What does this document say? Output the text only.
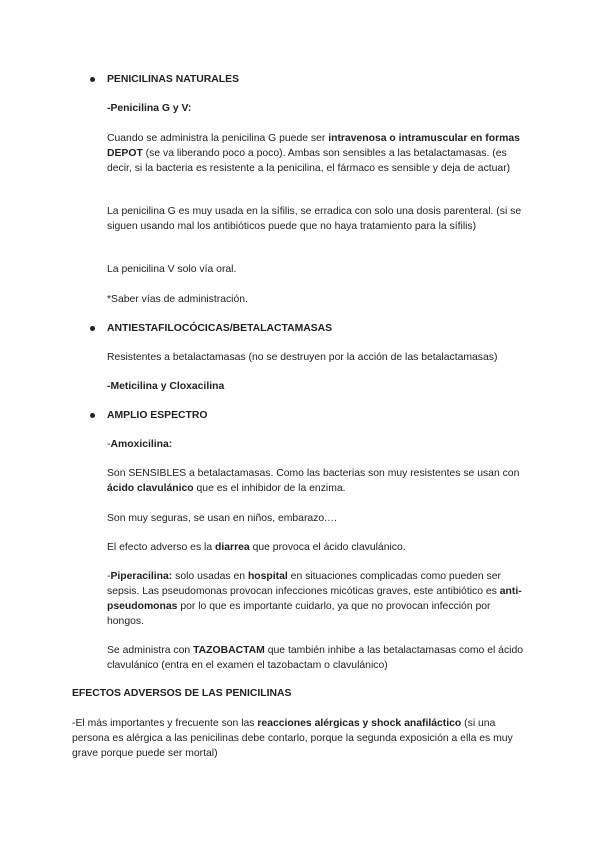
PENICILINAS NATURALES

-Penicilina G y V:

Cuando se administra la penicilina G puede ser intravenosa o intramuscular en formas DEPOT (se va liberando poco a poco). Ambas son sensibles a las betalactamasas. (es decir, si la bacteria es resistente a la penicilina, el fármaco es sensible y deja de actuar)

La penicilina G es muy usada en la sífilis, se erradica con solo una dosis parenteral. (si se siguen usando mal los antibióticos puede que no haya tratamiento para la sífilis)

La penicilina V solo vía oral.

*Saber vías de administración.

ANTIESTAFILOCÓCICAS/BETALACTAMASAS

Resistentes a betalactamasas (no se destruyen por la acción de las betalactamasas)

-Meticilina y Cloxacilina

AMPLIO ESPECTRO

-Amoxicilina:

Son SENSIBLES a betalactamasas. Como las bacterias son muy resistentes se usan con ácido clavulánico que es el inhibidor de la enzima.

Son muy seguras, se usan en niños, embarazo.…

El efecto adverso es la diarrea que provoca el ácido clavulánico.

-Piperacilina: solo usadas en hospital en situaciones complicadas como pueden ser sepsis. Las pseudomonas provocan infecciones micóticas graves, este antibiótico es anti-pseudomonas por lo que es importante cuidarlo, ya que no provocan infección por hongos.

Se administra con TAZOBACTAM que también inhibe a las betalactamasas como el ácido clavulánico (entra en el examen el tazobactam o clavulánico)

EFECTOS ADVERSOS DE LAS PENICILINAS

-El más importantes y frecuente son las reacciones alérgicas y shock anafiláctico (si una persona es alérgica a las penicilinas debe contarlo, porque la segunda exposición a ella es muy grave porque puede ser mortal)
